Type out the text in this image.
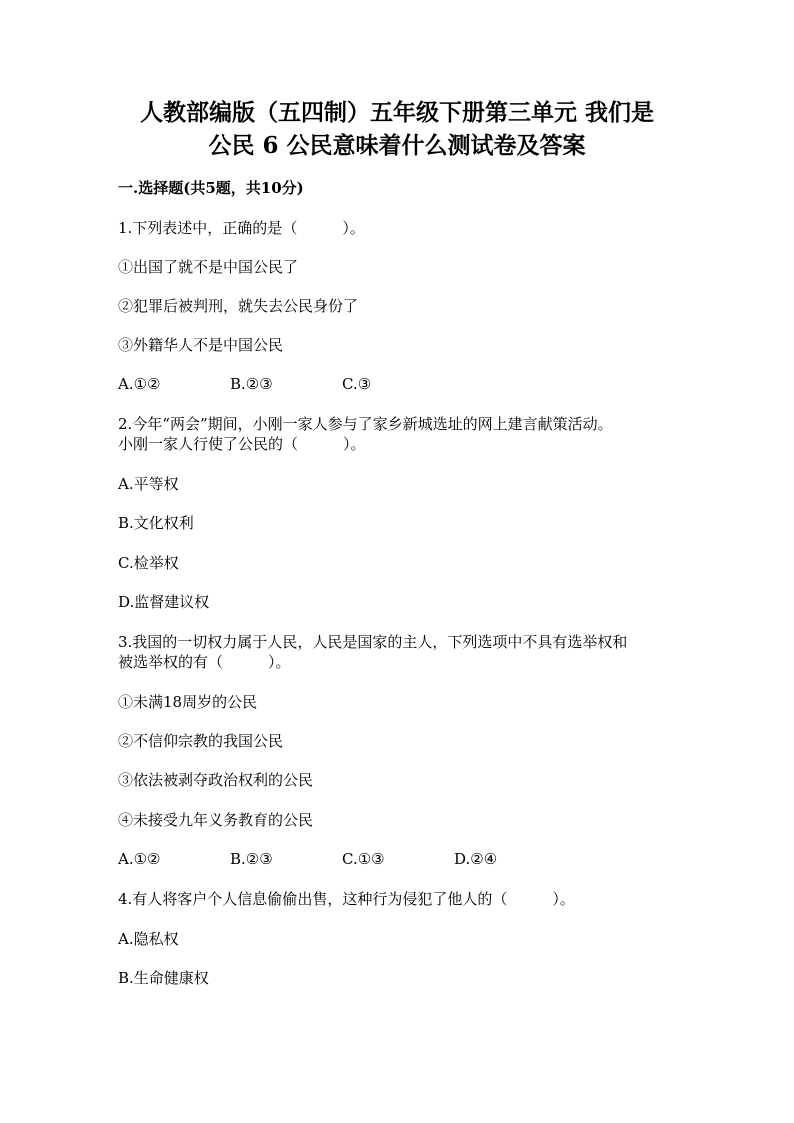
人教部编版（五四制）五年级下册第三单元 我们是
公民 6 公民意味着什么测试卷及答案
一.选择题(共5题，共10分)
1.下列表述中，正确的是（　　　）。
①出国了就不是中国公民了
②犯罪后被判刑，就失去公民身份了
③外籍华人不是中国公民
A.①②	B.②③	C.③
2.今年“两会”期间，小刚一家人参与了家乡新城选址的网上建言献策活动。
小刚一家人行使了公民的（　　　）。
A.平等权
B.文化权利
C.检举权
D.监督建议权
3.我国的一切权力属于人民，人民是国家的主人，下列选项中不具有选举权和
被选举权的有（　　　）。
①未满18周岁的公民
②不信仰宗教的我国公民
③依法被剥夺政治权利的公民
④未接受九年义务教育的公民
A.①②	B.②③	C.①③	D.②④
4.有人将客户个人信息偷偷出售，这种行为侵犯了他人的（　　　）。
A.隐私权
B.生命健康权
